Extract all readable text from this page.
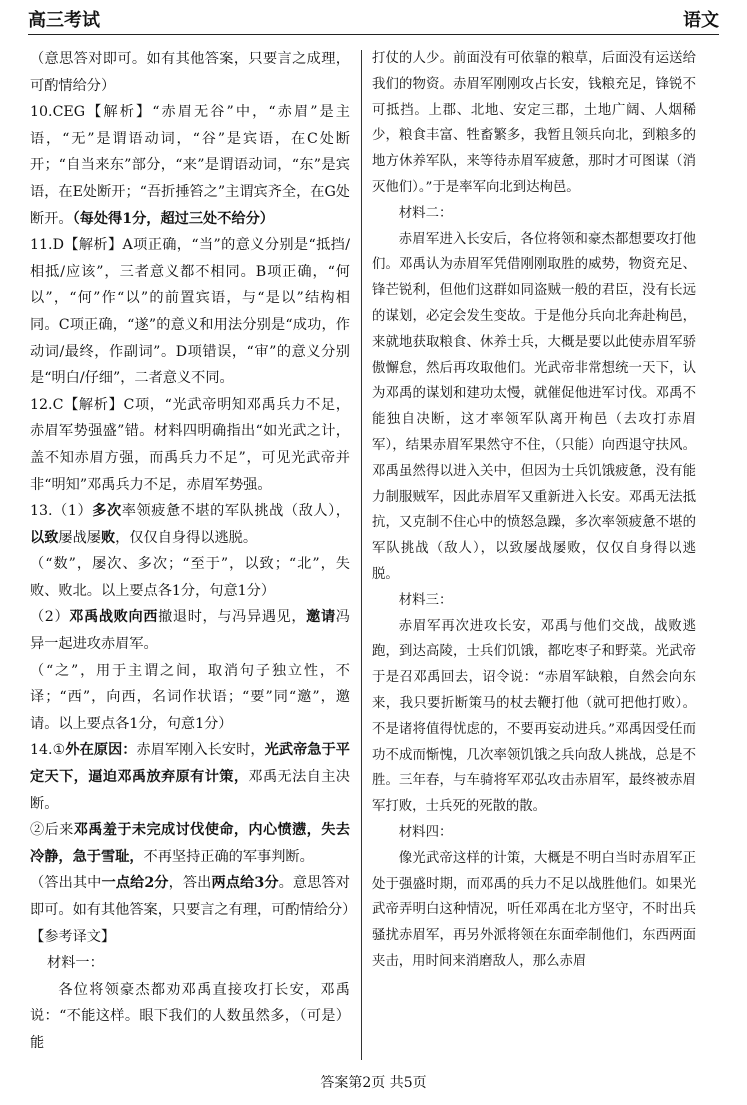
高三考试	语文

（意思答对即可。如有其他答案，只要言之成理，可酌情给分）

10.CEG【解析】“赤眉无谷”中，“赤眉”是主语，“无”是谓语动词，“谷”是宾语，在C处断开；“自当来东”部分，“来”是谓语动词，“东”是宾语，在E处断开；“吾折捶笞之”主谓宾齐全，在G处断开。（每处得1分，超过三处不给分）

11.D【解析】A项正确，“当”的意义分别是“抵挡/相抵/应该”，三者意义都不相同。B项正确，“何以”，“何”作“以”的前置宾语，与“是以”结构相同。C项正确，“遂”的意义和用法分别是“成功，作动词/最终，作副词”。D项错误，“审”的意义分别是“明白/仔细”，二者意义不同。

12.C【解析】C项，“光武帝明知邓禹兵力不足，赤眉军势强盛”错。材料四明确指出“如光武之计，盖不知赤眉方强，而禹兵力不足”，可见光武帝并非“明知”邓禹兵力不足，赤眉军势强。

13.（1）多次率领疲惫不堪的军队挑战（敌人），以致屡战屡败，仅仅自身得以逃脱。

（“数”，屡次、多次；“至于”，以致；“北”，失败、败北。以上要点各1分，句意1分）

（2）邓禹战败向西撤退时，与冯异遇见，邀请冯异一起进攻赤眉军。

（“之”，用于主谓之间，取消句子独立性，不译；“西”，向西，名词作状语；“要”同“邀”，邀请。以上要点各1分，句意1分）

14.①外在原因：赤眉军刚入长安时，光武帝急于平定天下，逼迫邓禹放弃原有计策，邓禹无法自主决断。

②后来邓禹羞于未完成讨伐使命，内心愤懑，失去冷静，急于雪耻，不再坚持正确的军事判断。

（答出其中一点给2分，答出两点给3分。意思答对即可。如有其他答案，只要言之有理，可酌情给分）

【参考译文】

材料一：

各位将领豪杰都劝邓禹直接攻打长安，邓禹说：“不能这样。眼下我们的人数虽然多，（可是）能

打仗的人少。前面没有可依靠的粮草，后面没有运送给我们的物资。赤眉军刚刚攻占长安，钱粮充足，锋锐不可抵挡。上郡、北地、安定三郡，土地广阔、人烟稀少，粮食丰富、牲畜繁多，我暂且领兵向北，到粮多的地方休养军队，来等待赤眉军疲惫，那时才可图谋（消灭他们）。”于是率军向北到达栒邑。

材料二：

赤眉军进入长安后，各位将领和豪杰都想要攻打他们。邓禹认为赤眉军凭借刚刚取胜的威势，物资充足、锋芒锐利，但他们这群如同盗贼一般的君臣，没有长远的谋划，必定会发生变故。于是他分兵向北奔赴栒邑，来就地获取粮食、休养士兵，大概是要以此使赤眉军骄傲懈怠，然后再攻取他们。光武帝非常想统一天下，认为邓禹的谋划和建功太慢，就催促他进军讨伐。邓禹不能独自决断，这才率领军队离开栒邑（去攻打赤眉军），结果赤眉军果然守不住，（只能）向西退守扶风。邓禹虽然得以进入关中，但因为士兵饥饿疲惫，没有能力制服贼军，因此赤眉军又重新进入长安。邓禹无法抵抗，又克制不住心中的愤怒急躁，多次率领疲惫不堪的军队挑战（敌人），以致屡战屡败，仅仅自身得以逃脱。

材料三：

赤眉军再次进攻长安，邓禹与他们交战，战败逃跑，到达高陵，士兵们饥饿，都吃枣子和野菜。光武帝于是召邓禹回去，诏令说：“赤眉军缺粮，自然会向东来，我只要折断策马的杖去鞭打他（就可把他打败）。不是诸将值得忧虑的，不要再妄动进兵。”邓禹因受任而功不成而惭愧，几次率领饥饿之兵向敌人挑战，总是不胜。三年春，与车骑将军邓弘攻击赤眉军，最终被赤眉军打败，士兵死的死散的散。

材料四：

像光武帝这样的计策，大概是不明白当时赤眉军正处于强盛时期，而邓禹的兵力不足以战胜他们。如果光武帝弄明白这种情况，听任邓禹在北方坚守，不时出兵骚扰赤眉军，再另外派将领在东面牵制他们，东西两面夹击，用时间来消磨敌人，那么赤眉

答案第2页 共5页
